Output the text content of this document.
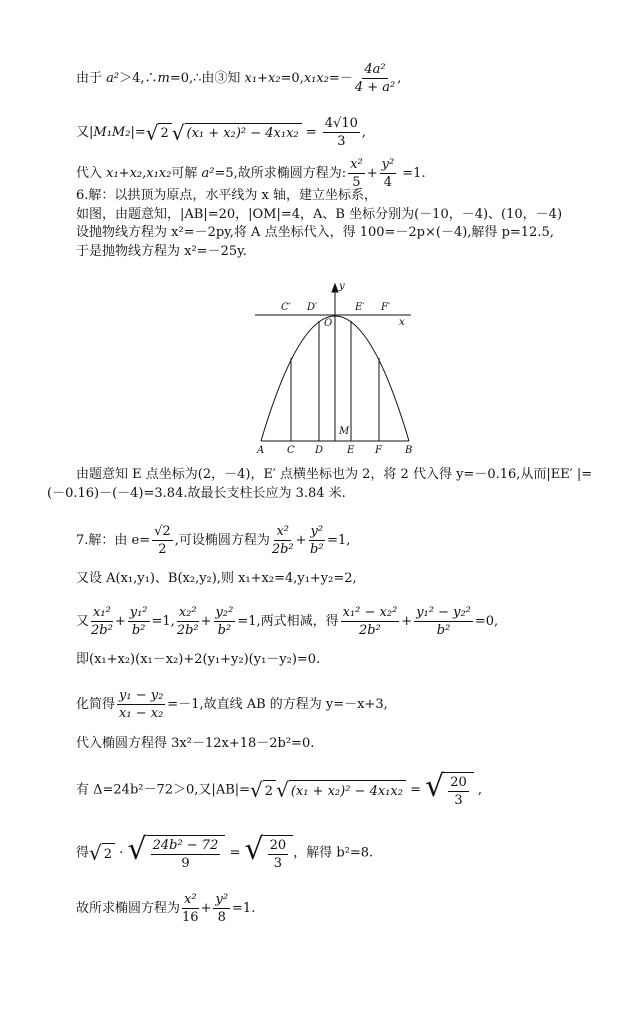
由于 a²＞4,∴m=0,∴由③知 $x_1+x_2=0,x_1x_2=- \frac{\text{4a²}}{\text{4 + a²}}$ ,
又|M₁M₂|= √ 2 √ $(x_1 + x_2)^2 - 4x_1x_2 = \frac{4√10}{3}$ ,
代入 x₁+x₂,x₁x₂可解 a²=5,故所求椭圆方程为: $\frac{\text{x²}}{5} + \frac{\text{y²}}{4} =1$.
6.解：以拱顶为原点，水平线为 x 轴，建立坐标系，
如图，由题意知，|AB|=20，|OM|=4，A、B 坐标分别为(－10，－4)、(10，－4)
设抛物线方程为 x²=－2py,将 A 点坐标代入，得 100=－2p×(－4),解得 p=12.5,
于是抛物线方程为 x²=－25y.
y
x
C′ D′	E′ F′
O
M
A C D E F B
由题意知 E 点坐标为(2，－4)，E′ 点横坐标也为 2，将 2 代入得 y=－0.16,从而|EE′ |=
(－0.16)－(－4)=3.84.故最长支柱长应为 3.84 米.
7.解：由 $e= \frac{√2}{2}$ ,可设椭圆方程为 $\frac{\text{x²}}{\text{2b²}} + \frac{\text{y²}}{\text{b²}} =1$,
又设 A(x₁,y₁)、B(x₂,y₂),则 x₁+x₂=4,y₁+y₂=2,
又 $\frac{\text{x₁²}}{\text{2b²}} + \frac{\text{y₁²}}{\text{b²}} =1$, $\frac{\text{x₂²}}{\text{2b²}} + \frac{\text{y₂²}}{\text{b²}} =1$,两式相减，得 $\frac{\text{x₁² − x₂²}}{\text{2b²}} + \frac{\text{y₁² − y₂²}}{\text{b²}} =0$,
即(x₁+x₂)(x₁－x₂)+2(y₁+y₂)(y₁－y₂)=0.
化简得 $\frac{\text{y₁ − y₂}}{\text{x₁ − x₂}} =-1$,故直线 AB 的方程为 y=－x+3,
代入椭圆方程得 3x²－12x+18－2b²=0.
有 Δ=24b²－72＞0,又|AB|= √ 2 √ (x₁ + x₂)² − 4x₁x₂ = √ $\frac{20}{3}$ ,
得 √ 2 · √ $\frac{\text{24b² − 72}}{9}$ = √ $\frac{20}{3}$ ，解得 b²=8.
故所求椭圆方程为 $\frac{\text{x²}}{16} + \frac{\text{y²}}{8} =1$.
